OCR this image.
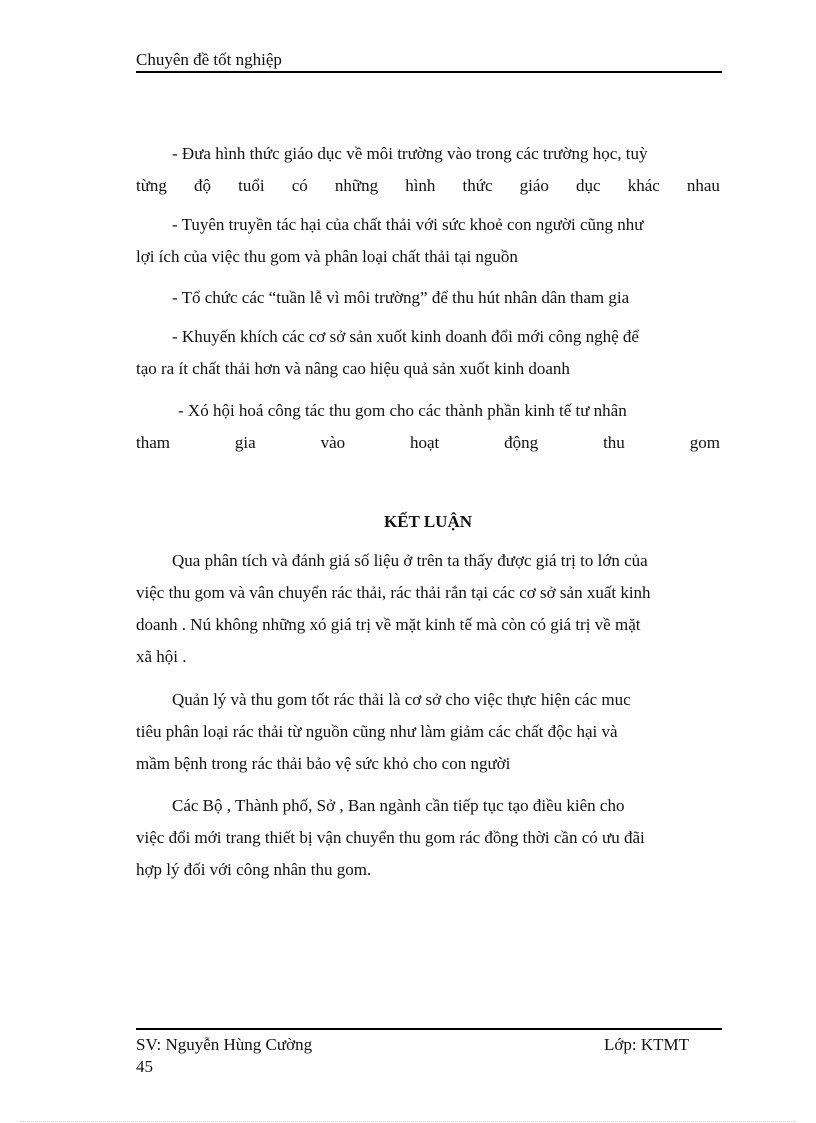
Chuyên đề tốt nghiệp
- Đưa hình thức giáo dục về môi trường vào trong các trường học, tuỳ
từng độ tuổi có những hình thức giáo dục khác nhau
- Tuyên truyền tác hại của chất thải với sức khoẻ con người cũng như
lợi ích của việc thu gom và phân loại chất thải tại nguồn
- Tổ chức các “tuần lễ vì môi trường” để thu hút nhân dân tham gia
- Khuyến khích các cơ sở sản xuốt kinh doanh đổi mới công nghệ để
tạo ra ít chất thải hơn và nâng cao hiệu quả sản xuốt kinh doanh
- Xó hội hoá công tác thu gom cho các thành phần kinh tế tư nhân
tham	gia	vào	hoạt	động	thu	gom
KẾT LUẬN
Qua phân tích và đánh giá số liệu ở trên ta thấy được giá trị to lớn của
việc thu gom và vân chuyển rác thải, rác thải rắn tại các cơ sở sản xuất kinh
doanh . Nú không những xó giá trị về mặt kinh tế mà còn có giá trị về mặt
xã hội .
Quản lý và thu gom tốt rác thải là cơ sở cho việc thực hiện các muc
tiêu phân loại rác thải từ nguồn cũng như làm giảm các chất độc hại và
mầm bệnh trong rác thải bảo vệ sức khỏ cho con người
Các Bộ , Thành phố, Sở , Ban ngành cần tiếp tục tạo điều kiên cho
việc đổi mới trang thiết bị vận chuyển thu gom rác đồng thời cần có ưu đãi
hợp lý đối với công nhân thu gom.
SV: Nguyễn Hùng Cường	Lớp: KTMT
45
